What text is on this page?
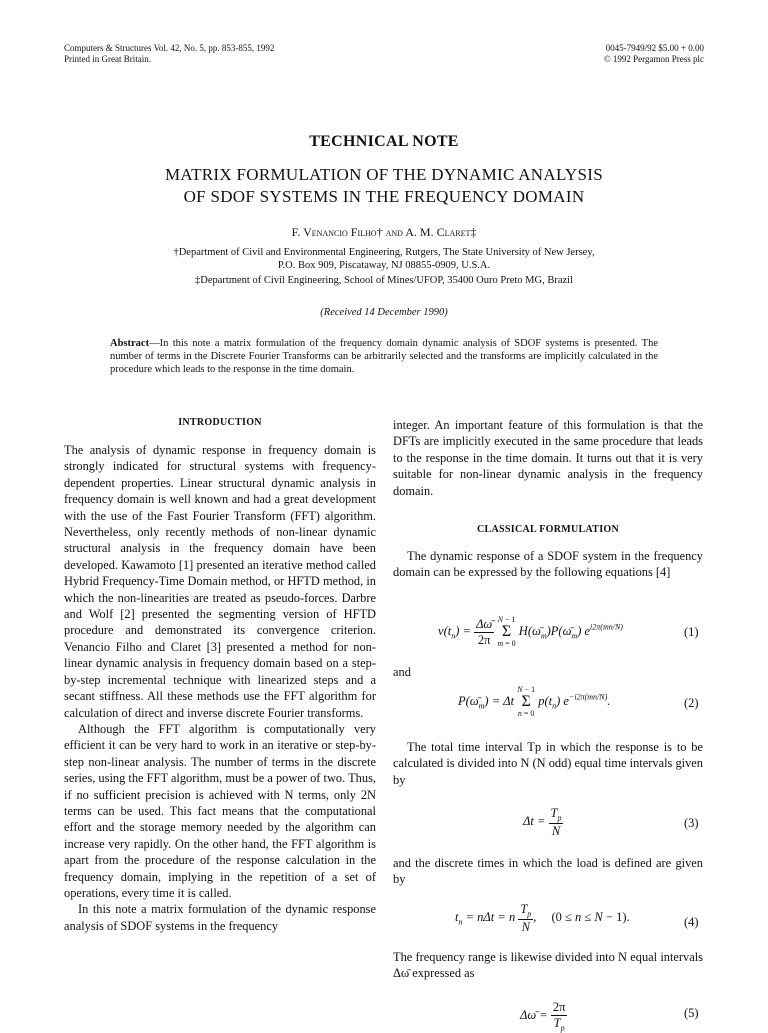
Computers & Structures Vol. 42, No. 5, pp. 853-855, 1992
Printed in Great Britain.
0045-7949/92 $5.00 + 0.00
© 1992 Pergamon Press plc
TECHNICAL NOTE
MATRIX FORMULATION OF THE DYNAMIC ANALYSIS
OF SDOF SYSTEMS IN THE FREQUENCY DOMAIN
F. Venancio Filho† and A. M. Claret‡
†Department of Civil and Environmental Engineering, Rutgers, The State University of New Jersey,
P.O. Box 909, Piscataway, NJ 08855-0909, U.S.A.
‡Department of Civil Engineering, School of Mines/UFOP, 35400 Ouro Preto MG, Brazil
(Received 14 December 1990)
Abstract—In this note a matrix formulation of the frequency domain dynamic analysis of SDOF systems is presented. The number of terms in the Discrete Fourier Transforms can be arbitrarily selected and the transforms are implicitly calculated in the procedure which leads to the response in the time domain.
INTRODUCTION
The analysis of dynamic response in frequency domain is strongly indicated for structural systems with frequency-dependent properties. Linear structural dynamic analysis in frequency domain is well known and had a great development with the use of the Fast Fourier Transform (FFT) algorithm. Nevertheless, only recently methods of non-linear dynamic structural analysis in the frequency domain have been developed. Kawamoto [1] presented an iterative method called Hybrid Frequency-Time Domain method, or HFTD method, in which the non-linearities are treated as pseudo-forces. Darbre and Wolf [2] presented the segmenting version of HFTD procedure and demonstrated its convergence criterion. Venancio Filho and Claret [3] presented a method for non-linear dynamic analysis in frequency domain based on a step-by-step incremental technique with linearized steps and a secant stiffness. All these methods use the FFT algorithm for calculation of direct and inverse discrete Fourier transforms.
Although the FFT algorithm is computationally very efficient it can be very hard to work in an iterative or step-by-step non-linear analysis. The number of terms in the discrete series, using the FFT algorithm, must be a power of two. Thus, if no sufficient precision is achieved with N terms, only 2N terms can be used. This fact means that the computational effort and the storage memory needed by the algorithm can increase very rapidly. On the other hand, the FFT algorithm is apart from the procedure of the response calculation in the frequency domain, implying in the repetition of a set of operations, every time it is called.
In this note a matrix formulation of the dynamic response analysis of SDOF systems in the frequency
integer. An important feature of this formulation is that the DFTs are implicitly executed in the same procedure that leads to the response in the time domain. It turns out that it is very suitable for non-linear dynamic analysis in the frequency domain.
CLASSICAL FORMULATION
The dynamic response of a SDOF system in the frequency domain can be expressed by the following equations [4]
$v(t_n) = \frac{\Delta\omegā}{2\pi}$
N − 1
Σ
m = 0
$H(\omegā_m)P(\omegā_m)$ $e^{i2\pi(mn/N)}$	(1)
and
$P(\omegā_m) = \Delta t$
N − 1
Σ
n = 0
$p(t_n)$ $e^{-i2\pi(mn/N)}$.	(2)
The total time interval Tp in which the response is to be calculated is divided into N (N odd) equal time intervals given by
$\Delta t = \frac{T_p}{N}$	(3)
and the discrete times in which the load is defined are given by
$t_n = n\Delta t = n \frac{T_p}{N}$ , (0 ≤ n ≤ N − 1).	(4)
The frequency range is likewise divided into N equal intervals Δω̄ expressed as
Δω̄ = $\frac{2\pi}{T_p}$	(5)
